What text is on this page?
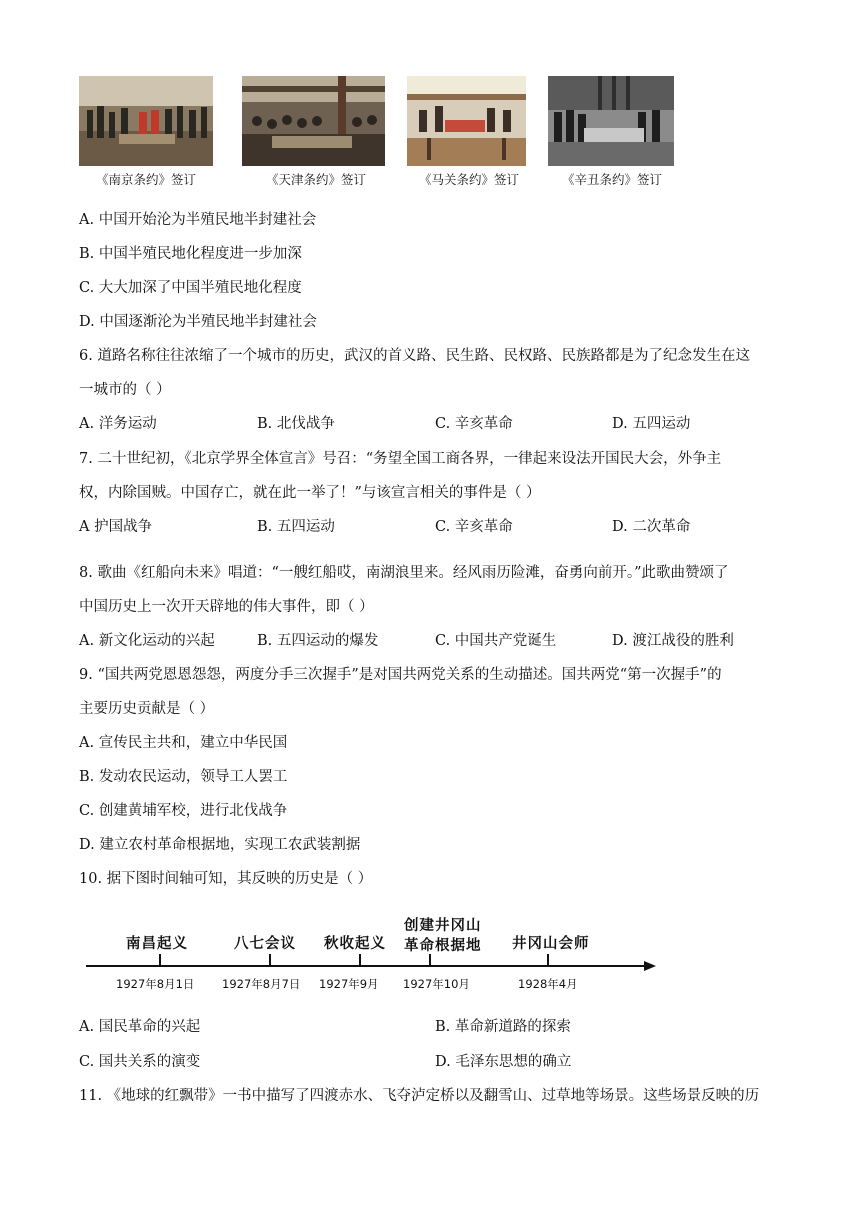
《南京条约》签订	《天津条约》签订	《马关条约》签订	《辛丑条约》签订
A. 中国开始沦为半殖民地半封建社会
B. 中国半殖民地化程度进一步加深
C. 大大加深了中国半殖民地化程度
D. 中国逐渐沦为半殖民地半封建社会
6. 道路名称往往浓缩了一个城市的历史，武汉的首义路、民生路、民权路、民族路都是为了纪念发生在这
一城市的（ ）
A. 洋务运动	B. 北伐战争	C. 辛亥革命	D. 五四运动
7. 二十世纪初，《北京学界全体宣言》号召：“务望全国工商各界，一律起来设法开国民大会，外争主
权，内除国贼。中国存亡，就在此一举了！”与该宣言相关的事件是（ ）
A 护国战争	B. 五四运动	C. 辛亥革命	D. 二次革命
8. 歌曲《红船向未来》唱道：“一艘红船哎，南湖浪里来。经风雨历险滩，奋勇向前开。”此歌曲赞颂了
中国历史上一次开天辟地的伟大事件，即（ ）
A. 新文化运动的兴起	B. 五四运动的爆发	C. 中国共产党诞生	D. 渡江战役的胜利
9. “国共两党恩恩怨怨，两度分手三次握手”是对国共两党关系的生动描述。国共两党“第一次握手”的
主要历史贡献是（ ）
A. 宣传民主共和，建立中华民国
B. 发动农民运动，领导工人罢工
C. 创建黄埔军校，进行北伐战争
D. 建立农村革命根据地，实现工农武装割据
10. 据下图时间轴可知，其反映的历史是（ ）
南昌起义	八七会议 秋收起义
创建井冈山
革命根据地 井冈山会师
1927年8月1日 1927年8月7日 1927年9月 1927年10月	1928年4月
A. 国民革命的兴起	B. 革命新道路的探索
C. 国共关系的演变	D. 毛泽东思想的确立
11. 《地球的红飘带》一书中描写了四渡赤水、飞夺泸定桥以及翻雪山、过草地等场景。这些场景反映的历
